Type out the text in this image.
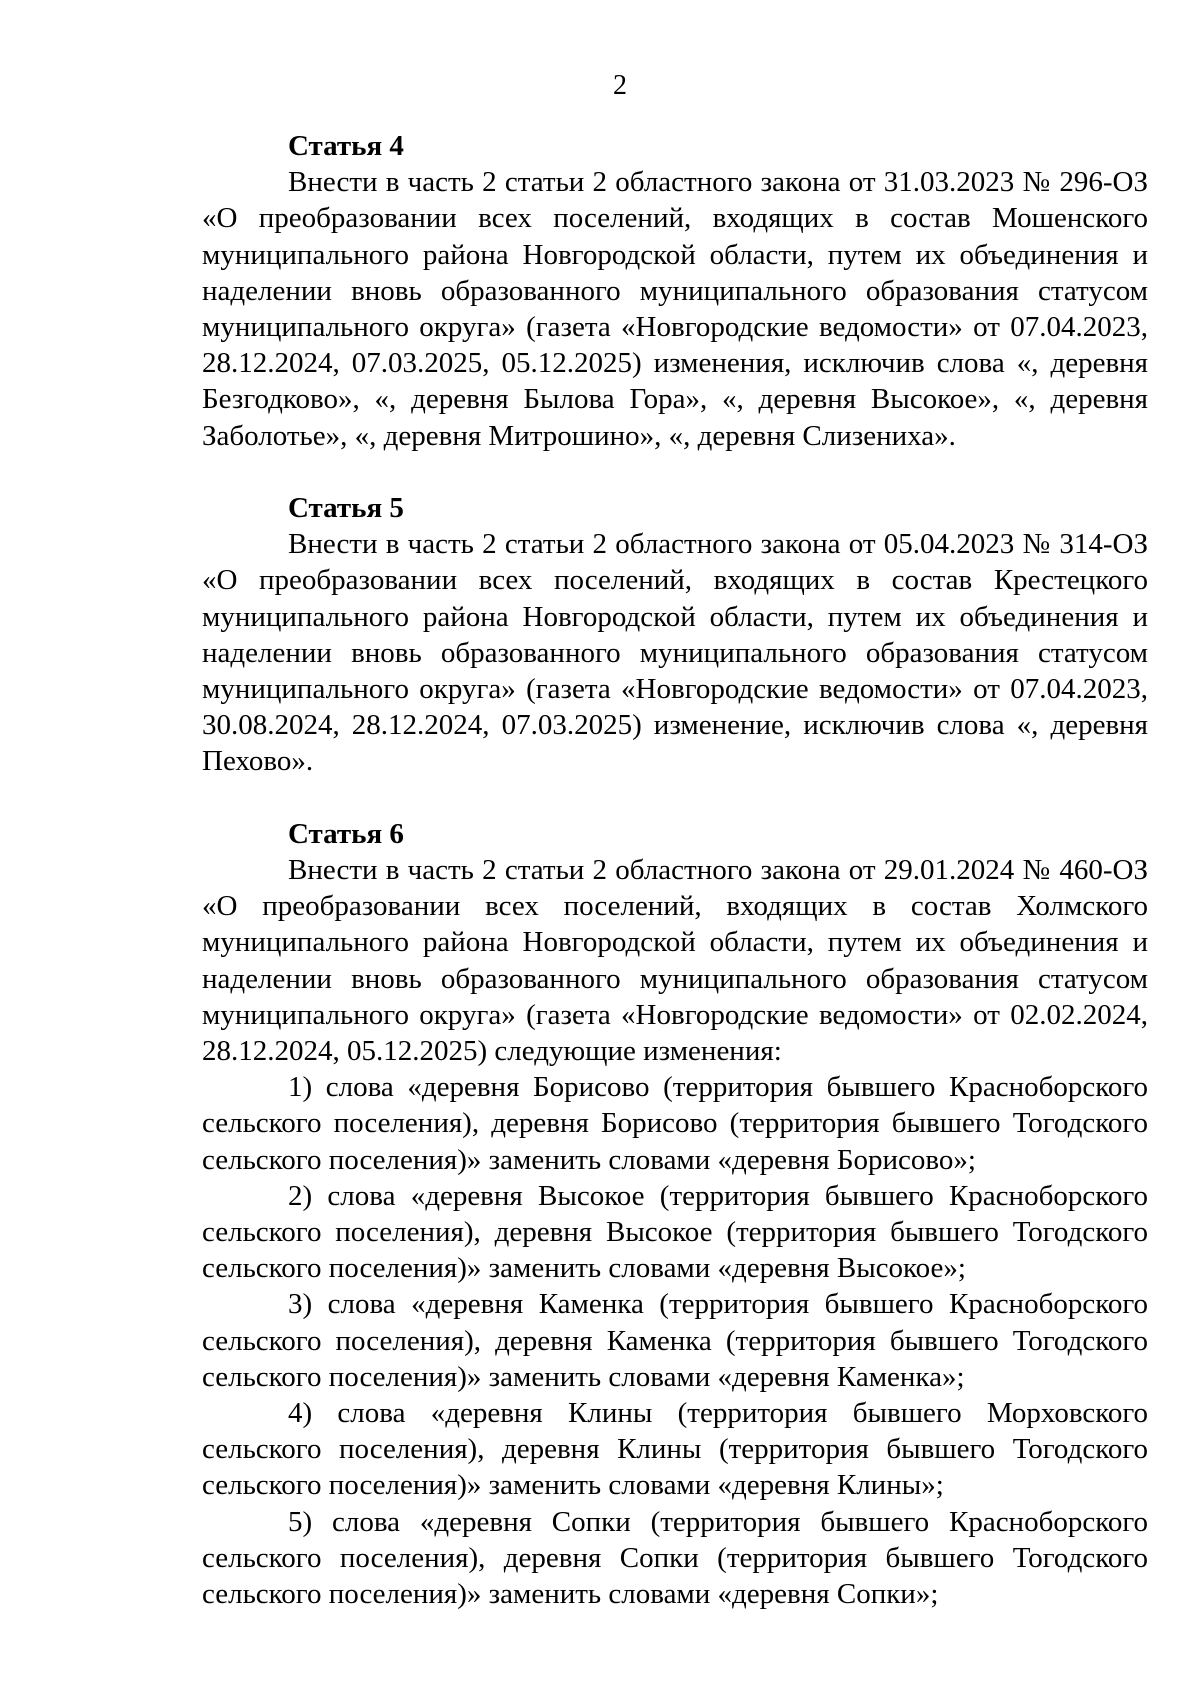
2

Статья 4

Внести в часть 2 статьи 2 областного закона от 31.03.2023 № 296-ОЗ «О преобразовании всех поселений, входящих в состав Мошенского муниципального района Новгородской области, путем их объединения и наделении вновь образованного муниципального образования статусом муниципального округа» (газета «Новгородские ведомости» от 07.04.2023, 28.12.2024, 07.03.2025, 05.12.2025) изменения, исключив слова «, деревня Безгодково», «, деревня Былова Гора», «, деревня Высокое», «, деревня Заболотье», «, деревня Митрошино», «, деревня Слизениха».

Статья 5

Внести в часть 2 статьи 2 областного закона от 05.04.2023 № 314-ОЗ «О преобразовании всех поселений, входящих в состав Крестецкого муниципального района Новгородской области, путем их объединения и наделении вновь образованного муниципального образования статусом муниципального округа» (газета «Новгородские ведомости» от 07.04.2023, 30.08.2024, 28.12.2024, 07.03.2025) изменение, исключив слова «, деревня Пехово».

Статья 6

Внести в часть 2 статьи 2 областного закона от 29.01.2024 № 460-ОЗ «О преобразовании всех поселений, входящих в состав Холмского муниципального района Новгородской области, путем их объединения и наделении вновь образованного муниципального образования статусом муниципального округа» (газета «Новгородские ведомости» от 02.02.2024, 28.12.2024, 05.12.2025) следующие изменения:

1) слова «деревня Борисово (территория бывшего Красноборского сельского поселения), деревня Борисово (территория бывшего Тогодского сельского поселения)» заменить словами «деревня Борисово»;

2) слова «деревня Высокое (территория бывшего Красноборского сельского поселения), деревня Высокое (территория бывшего Тогодского сельского поселения)» заменить словами «деревня Высокое»;

3) слова «деревня Каменка (территория бывшего Красноборского сельского поселения), деревня Каменка (территория бывшего Тогодского сельского поселения)» заменить словами «деревня Каменка»;

4) слова «деревня Клины (территория бывшего Морховского сельского поселения), деревня Клины (территория бывшего Тогодского сельского поселения)» заменить словами «деревня Клины»;

5) слова «деревня Сопки (территория бывшего Красноборского сельского поселения), деревня Сопки (территория бывшего Тогодского сельского поселения)» заменить словами «деревня Сопки»;
